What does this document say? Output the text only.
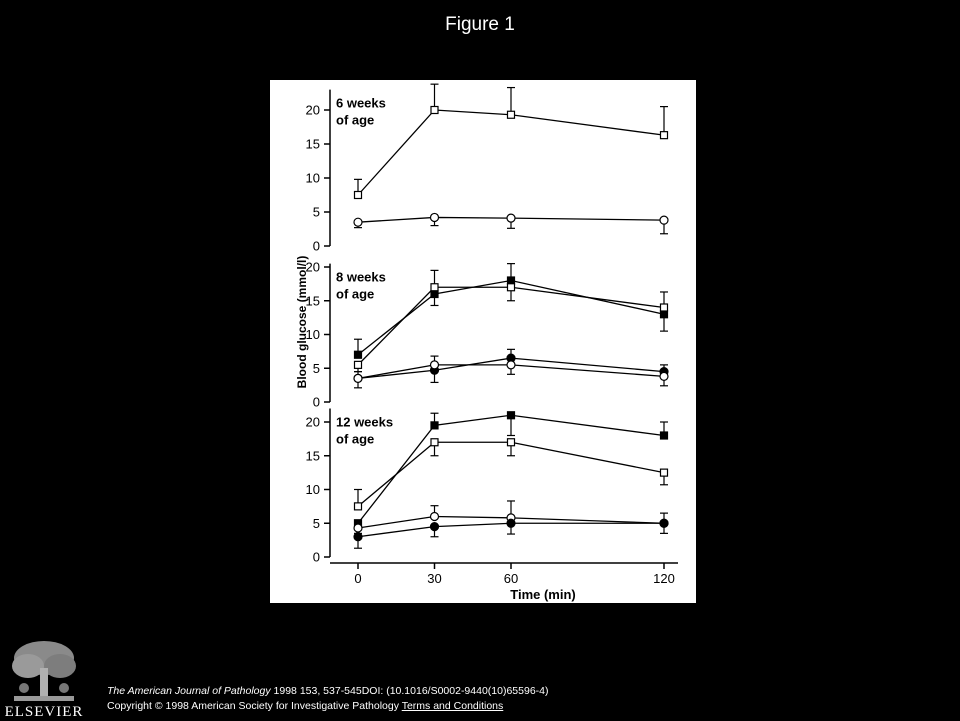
Figure 1
0
5
10
15
20 6 weeks
of age
0
5
10
15
20
8 weeks
of age
0
5
10
15
20 12 weeks
of age
0	30	60	120
Time (min)
Blood glucose (mmol/l)
ELSEVIER
The American Journal of Pathology 1998 153, 537-545DOI: (10.1016/S0002-9440(10)65596-4)
Copyright © 1998 American Society for Investigative Pathology Terms and Conditions
